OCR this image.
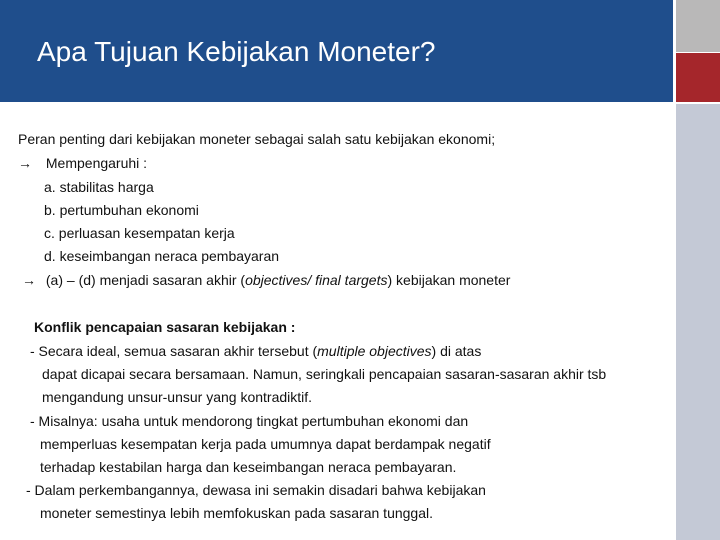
Apa Tujuan Kebijakan Moneter?
Peran penting dari kebijakan moneter sebagai salah satu kebijakan ekonomi;
→ Mempengaruhi :
a. stabilitas harga
b. pertumbuhan ekonomi
c. perluasan kesempatan kerja
d. keseimbangan neraca pembayaran
→ (a) – (d) menjadi sasaran akhir (objectives/ final targets) kebijakan moneter
Konflik pencapaian sasaran kebijakan :
- Secara ideal, semua sasaran akhir tersebut (multiple objectives) di atas
dapat dicapai secara bersamaan. Namun, seringkali pencapaian sasaran-sasaran akhir tsb
mengandung unsur-unsur yang kontradiktif.
- Misalnya: usaha untuk mendorong tingkat pertumbuhan ekonomi dan
memperluas kesempatan kerja pada umumnya dapat berdampak negatif
terhadap kestabilan harga dan keseimbangan neraca pembayaran.
- Dalam perkembangannya, dewasa ini semakin disadari bahwa kebijakan
moneter semestinya lebih memfokuskan pada sasaran tunggal.
